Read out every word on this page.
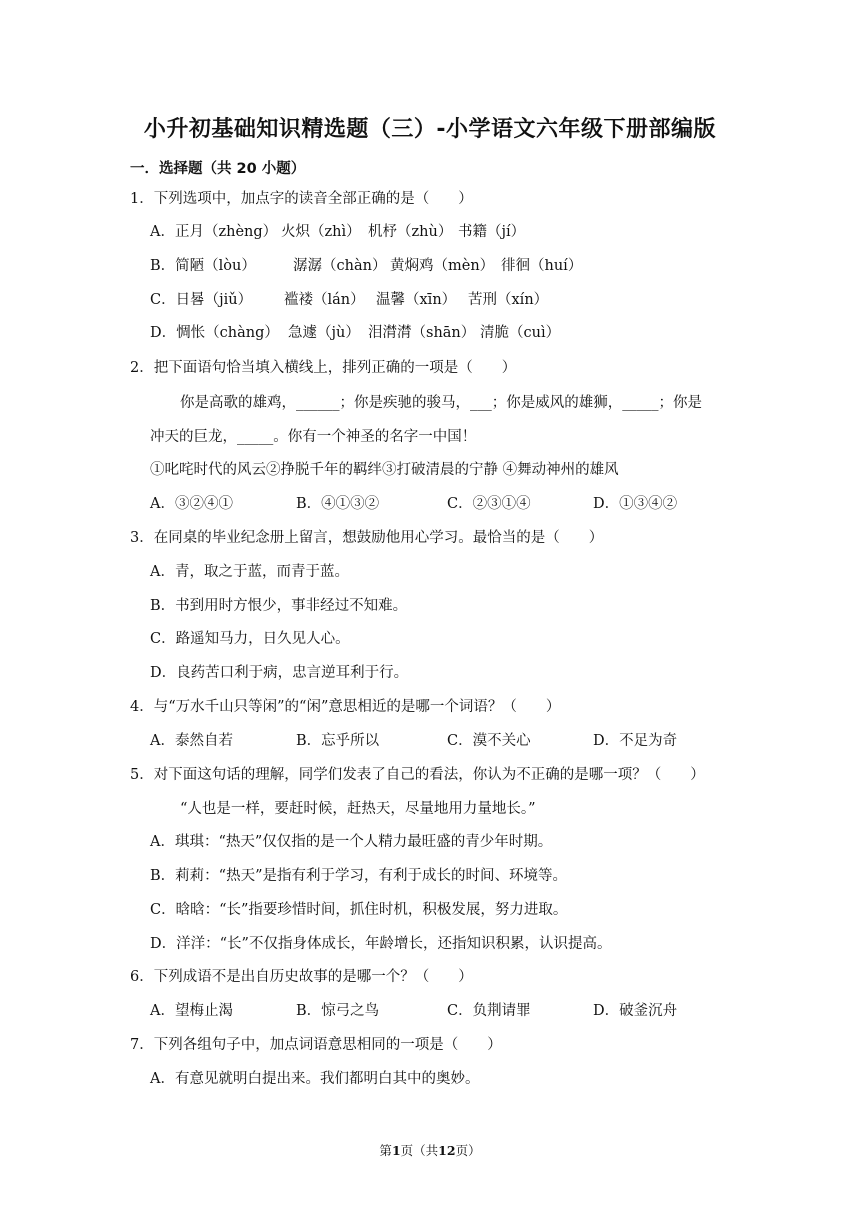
小升初基础知识精选题（三）-小学语文六年级下册部编版
一．选择题（共 20 小题）
1．下列选项中，加点字的读音全部正确的是（　　）
A．正月（zhèng） 火炽（zhì） 机杼（zhù） 书籍（jí）
B．简陋（lòu）	潺潺（chàn） 黄焖鸡（mèn） 徘徊（huí）
C．日晷（jiǔ） 褴褛（lán） 温馨（xīn） 苦刑（xín）
D．惆怅（chàng） 急遽（jù） 泪潸潸（shān） 清脆（cuì）
2．把下面语句恰当填入横线上，排列正确的一项是（　　）
你是高歌的雄鸡，______；你是疾驰的骏马，___；你是威风的雄狮，_____；你是
冲天的巨龙，_____。你有一个神圣的名字一中国！
①叱咤时代的风云②挣脱千年的羁绊③打破清晨的宁静 ④舞动神州的雄风
A．③②④①	B．④①③②	C．②③①④	D．①③④②
3．在同桌的毕业纪念册上留言，想鼓励他用心学习。最恰当的是（　　）
A．青，取之于蓝，而青于蓝。
B．书到用时方恨少，事非经过不知难。
C．路遥知马力，日久见人心。
D．良药苦口利于病，忠言逆耳利于行。
4．与“万水千山只等闲”的“闲”意思相近的是哪一个词语？（　　）
A．泰然自若	B．忘乎所以	C．漠不关心	D．不足为奇
5．对下面这句话的理解，同学们发表了自己的看法，你认为不正确的是哪一项？（　　）
“人也是一样，要赶时候，赶热天，尽量地用力量地长。”
A．琪琪：“热天”仅仅指的是一个人精力最旺盛的青少年时期。
B．莉莉：“热天”是指有利于学习，有利于成长的时间、环境等。
C．晗晗：“长”指要珍惜时间，抓住时机，积极发展，努力进取。
D．洋洋：“长”不仅指身体成长，年龄增长，还指知识积累，认识提高。
6．下列成语不是出自历史故事的是哪一个？（　　）
A．望梅止渴	B．惊弓之鸟	C．负荆请罪	D．破釜沉舟
7．下列各组句子中，加点词语意思相同的一项是（　　）
A．有意见就明白提出来。我们都明白其中的奥妙。
第1页（共12页）
